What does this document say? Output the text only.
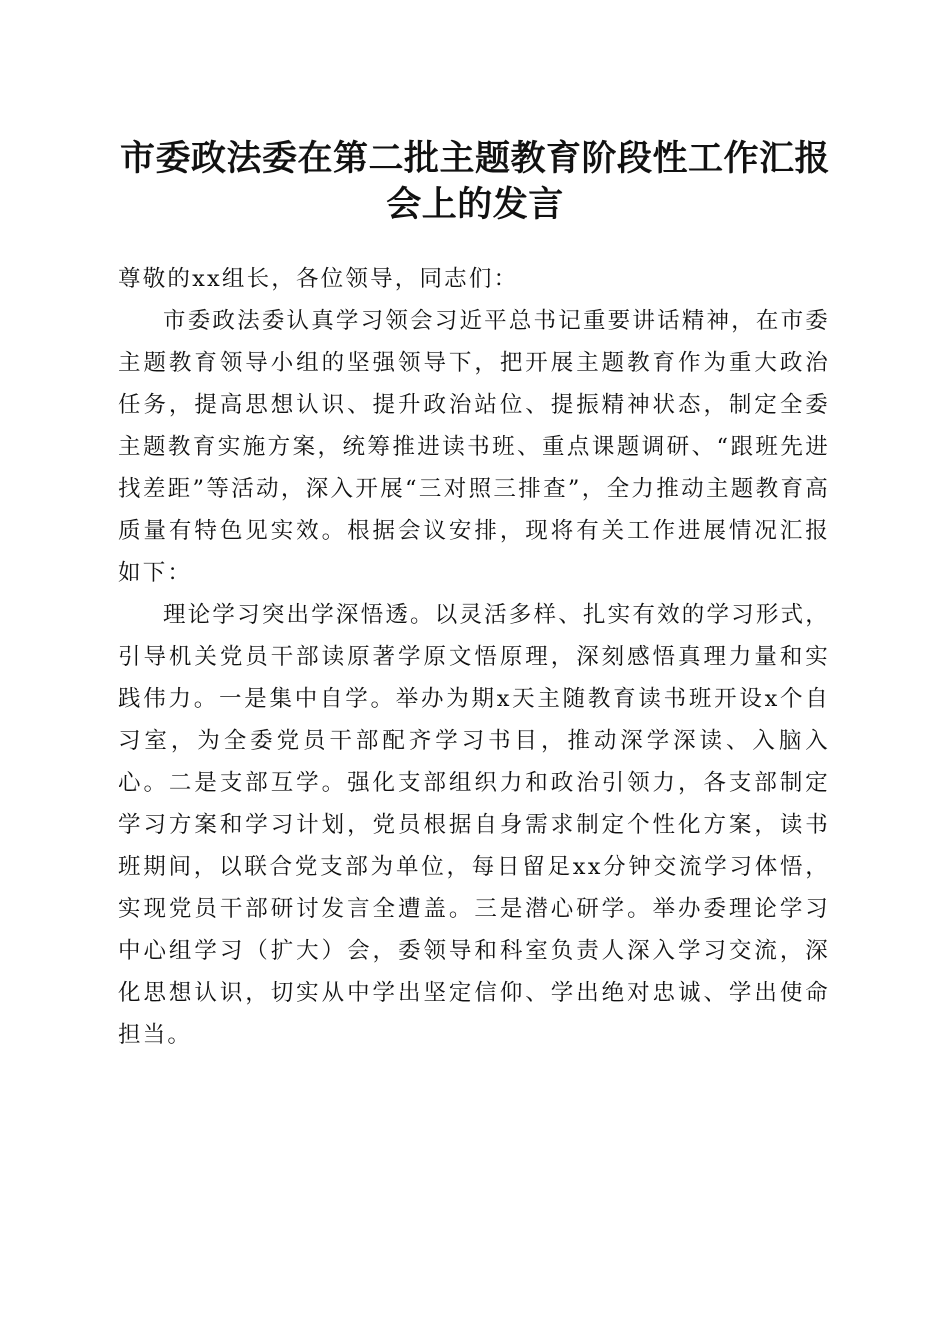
市委政法委在第二批主题教育阶段性工作汇报
会上的发言

尊敬的xx组长，各位领导，同志们：

市委政法委认真学习领会习近平总书记重要讲话精神，在市委主题教育领导小组的坚强领导下，把开展主题教育作为重大政治任务，提高思想认识、提升政治站位、提振精神状态，制定全委主题教育实施方案，统筹推进读书班、重点课题调研、“跟班先进找差距”等活动，深入开展“三对照三排查”，全力推动主题教育高质量有特色见实效。根据会议安排，现将有关工作进展情况汇报如下：

理论学习突出学深悟透。以灵活多样、扎实有效的学习形式，引导机关党员干部读原著学原文悟原理，深刻感悟真理力量和实践伟力。一是集中自学。举办为期x天主随教育读书班开设x个自习室，为全委党员干部配齐学习书目，推动深学深读、入脑入心。二是支部互学。强化支部组织力和政治引领力，各支部制定学习方案和学习计划，党员根据自身需求制定个性化方案，读书班期间，以联合党支部为单位，每日留足xx分钟交流学习体悟，实现党员干部研讨发言全遭盖。三是潜心研学。举办委理论学习中心组学习（扩大）会，委领导和科室负责人深入学习交流，深化思想认识，切实从中学出坚定信仰、学出绝对忠诚、学出使命担当。
